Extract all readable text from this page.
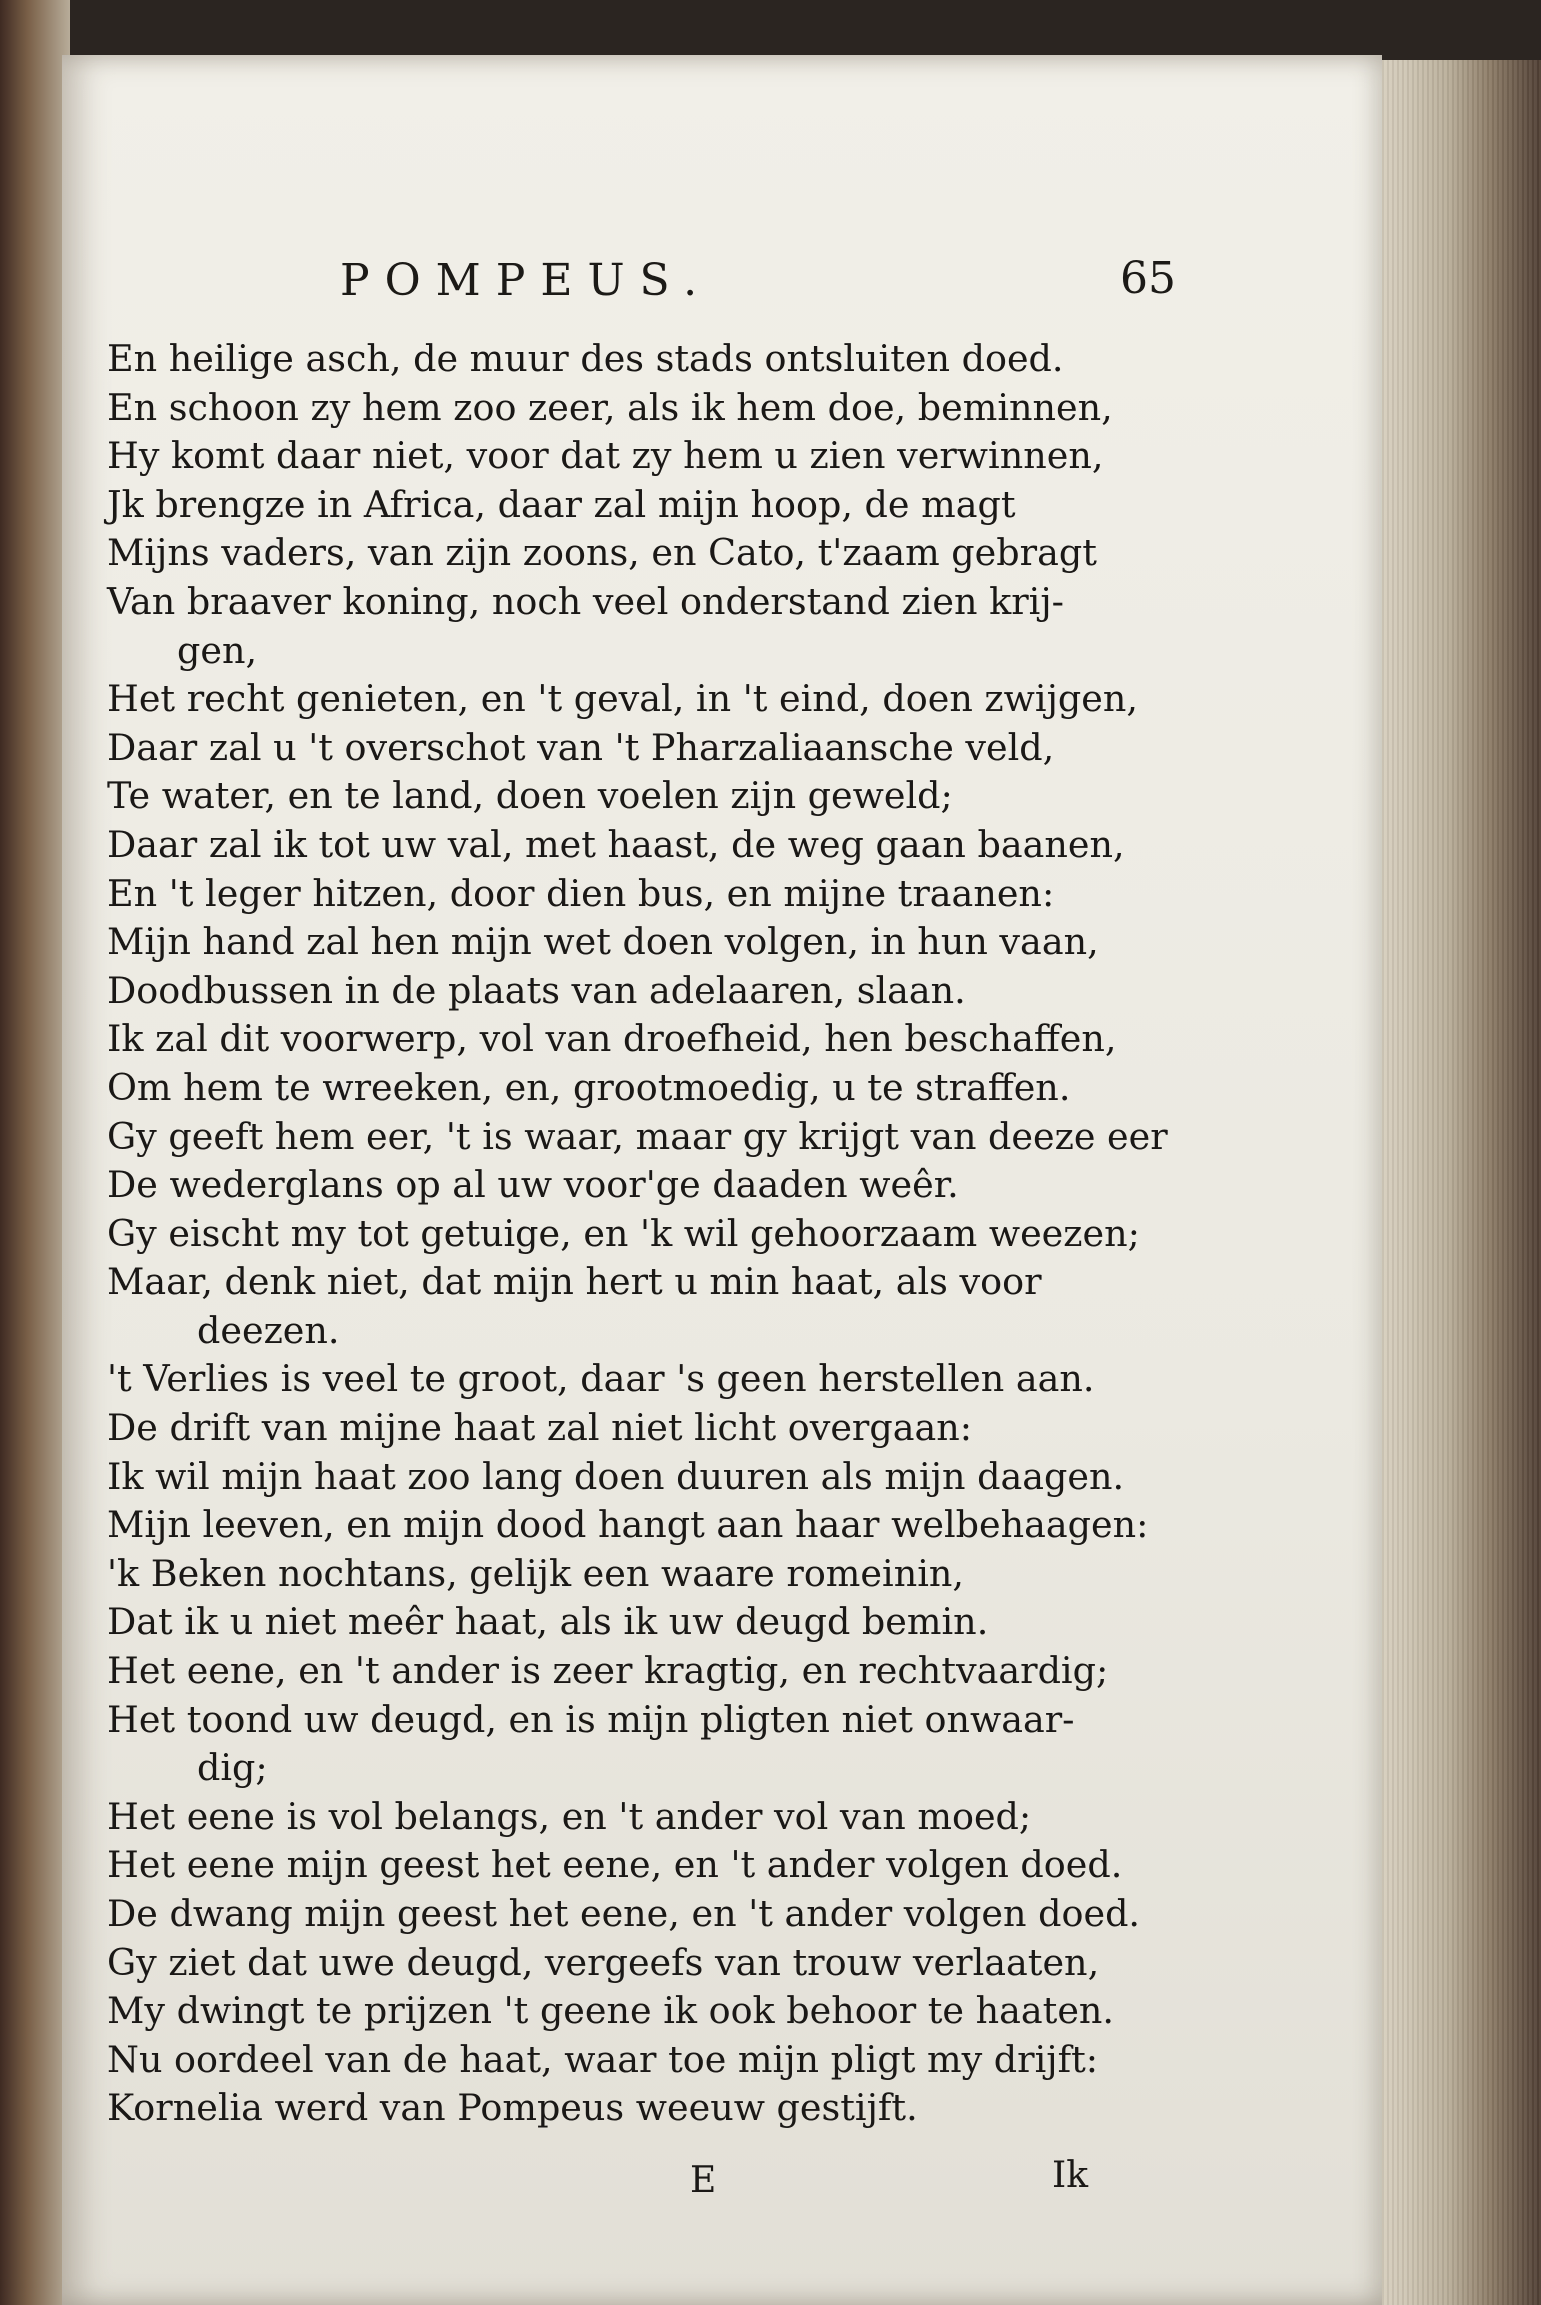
POMPEUS.	65
En heilige asch, de muur des stads ontsluiten doed.
En schoon zy hem zoo zeer, als ik hem doe, beminnen,
Hy komt daar niet, voor dat zy hem u zien verwinnen,
Jk brengze in Africa, daar zal mijn hoop, de magt
Mijns vaders, van zijn zoons, en Cato, t'zaam gebragt
Van braaver koning, noch veel onderstand zien krij-
gen,
Het recht genieten, en 't geval, in 't eind, doen zwijgen,
Daar zal u 't overschot van 't Pharzaliaansche veld,
Te water, en te land, doen voelen zijn geweld;
Daar zal ik tot uw val, met haast, de weg gaan baanen,
En 't leger hitzen, door dien bus, en mijne traanen:
Mijn hand zal hen mijn wet doen volgen, in hun vaan,
Doodbussen in de plaats van adelaaren, slaan.
Ik zal dit voorwerp, vol van droefheid, hen beschaffen,
Om hem te wreeken, en, grootmoedig, u te straffen.
Gy geeft hem eer, 't is waar, maar gy krijgt van deeze eer
De wederglans op al uw voor'ge daaden weêr.
Gy eischt my tot getuige, en 'k wil gehoorzaam weezen;
Maar, denk niet, dat mijn hert u min haat, als voor
deezen.
't Verlies is veel te groot, daar 's geen herstellen aan.
De drift van mijne haat zal niet licht overgaan:
Ik wil mijn haat zoo lang doen duuren als mijn daagen.
Mijn leeven, en mijn dood hangt aan haar welbehaagen:
'k Beken nochtans, gelijk een waare romeinin,
Dat ik u niet meêr haat, als ik uw deugd bemin.
Het eene, en 't ander is zeer kragtig, en rechtvaardig;
Het toond uw deugd, en is mijn pligten niet onwaar-
dig;
Het eene is vol belangs, en 't ander vol van moed;
Het eene mijn geest het eene, en 't ander volgen doed.
De dwang mijn geest het eene, en 't ander volgen doed.
Gy ziet dat uwe deugd, vergeefs van trouw verlaaten,
My dwingt te prijzen 't geene ik ook behoor te haaten.
Nu oordeel van de haat, waar toe mijn pligt my drijft:
Kornelia werd van Pompeus weeuw gestijft.
E	Ik
